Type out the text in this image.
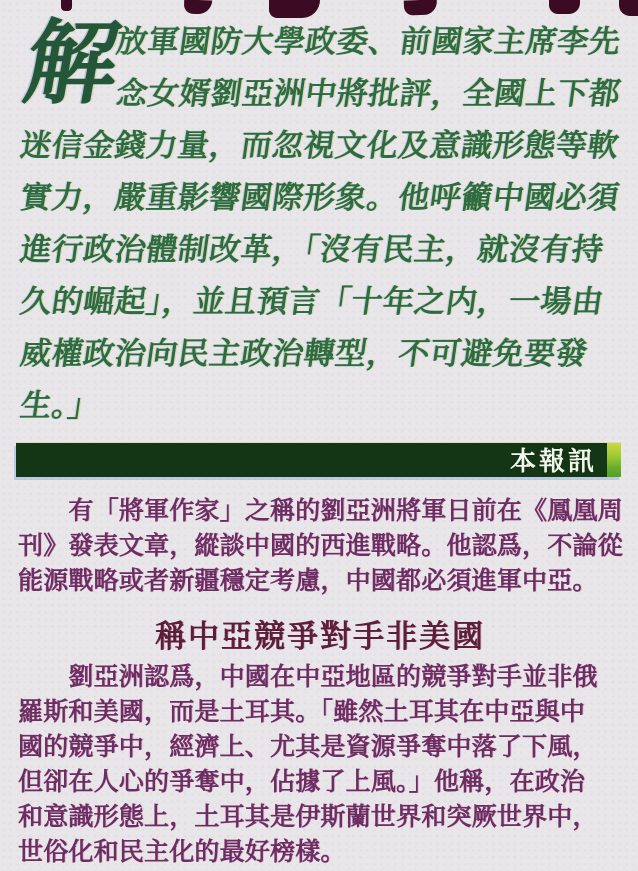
解
放軍國防大學政委、前國家主席李先
念女婿劉亞洲中將批評，全國上下都
迷信金錢力量，而忽視文化及意識形態等軟
實力，嚴重影響國際形象。他呼籲中國必須
進行政治體制改革，「沒有民主，就沒有持
久的崛起」，並且預言「十年之内，一場由
威權政治向民主政治轉型，不可避免要發
生。」
本報訊
　　有「將軍作家」之稱的劉亞洲將軍日前在《鳳凰周
刊》發表文章，縱談中國的西進戰略。他認爲，不論從
能源戰略或者新疆穩定考慮，中國都必須進軍中亞。
稱中亞競爭對手非美國
　　劉亞洲認爲，中國在中亞地區的競爭對手並非俄
羅斯和美國，而是土耳其。「雖然土耳其在中亞與中
國的競爭中，經濟上、尤其是資源爭奪中落了下風，
但卻在人心的爭奪中，佔據了上風。」他稱，在政治
和意識形態上，土耳其是伊斯蘭世界和突厥世界中，
世俗化和民主化的最好榜樣。
